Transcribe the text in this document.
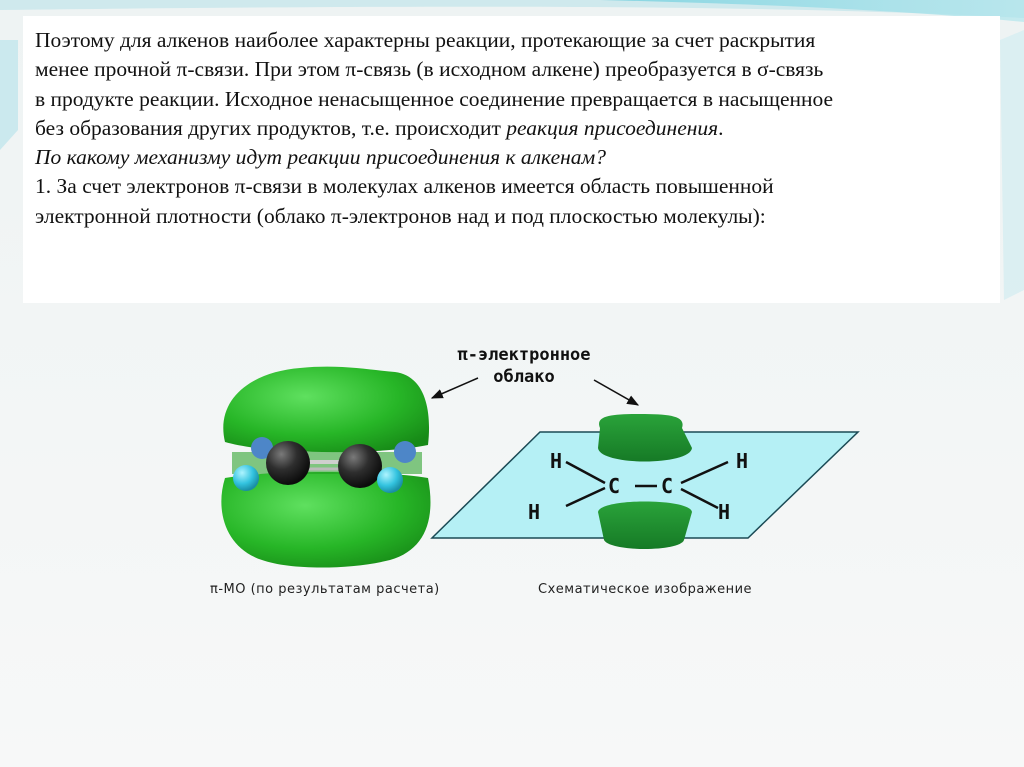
Поэтому для алкенов наиболее характерны реакции, протекающие за счет раскрытия

менее прочной π-связи. При этом π-связь (в исходном алкене) преобразуется в σ-связь

в продукте реакции. Исходное ненасыщенное соединение превращается в насыщенное

без образования других продуктов, т.е. происходит реакция присоединения.

По какому механизму идут реакции присоединения к алкенам?

1. За счет электронов π-связи в молекулах алкенов имеется область повышенной

электронной плотности (облако π-электронов над и под плоскостью молекулы):

H
H
C C
H
H
π-электронное
облако
π-МО (по результатам расчета)	Схематическое изображение
